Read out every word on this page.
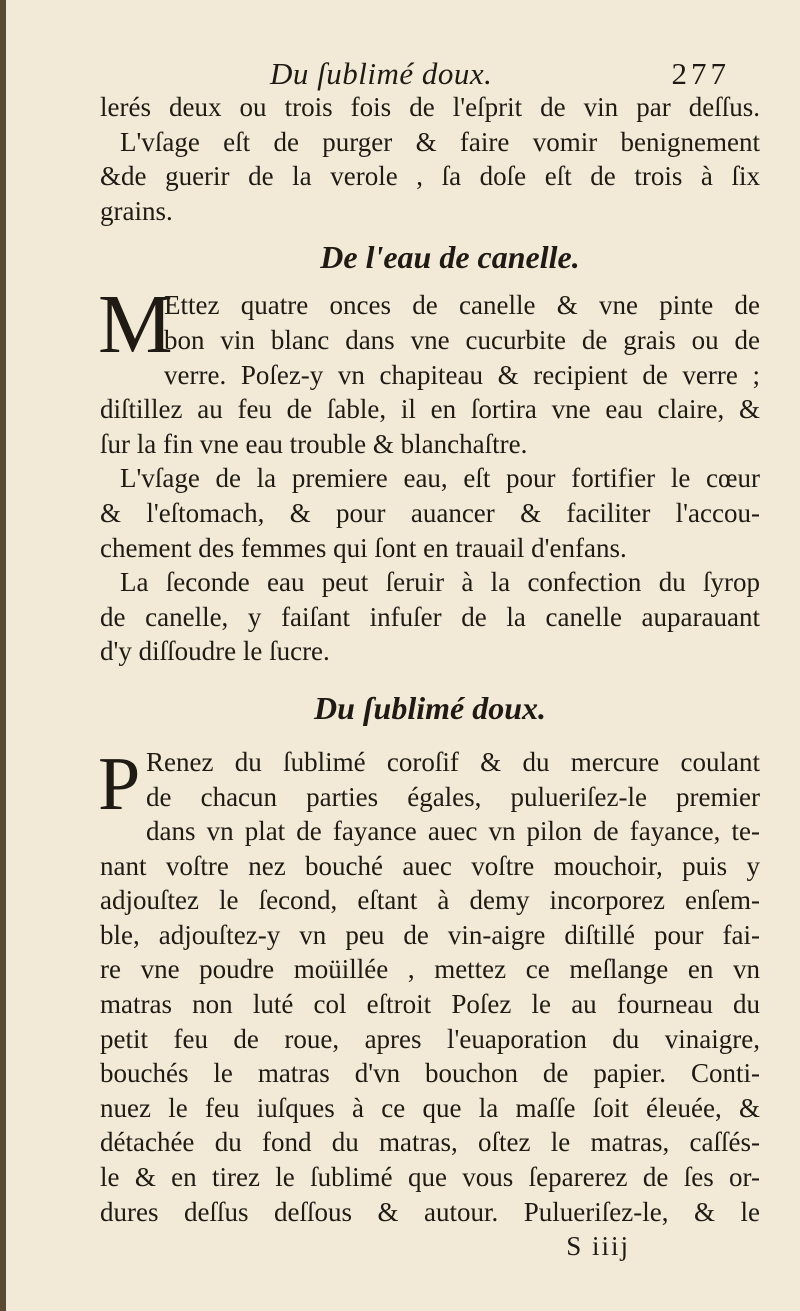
Du ſublimé doux.	277
lerés deux ou trois fois de l'eſprit de vin par deſſus.
L'vſage eſt de purger & faire vomir benignement
&de guerir de la verole , ſa doſe eſt de trois à ſix
grains.
De l'eau de canelle.
M
Ettez quatre onces de canelle & vne pinte de
bon vin blanc dans vne cucurbite de grais ou de
verre. Poſez-y vn chapiteau & recipient de verre ;
diſtillez au feu de ſable, il en ſortira vne eau claire, &
ſur la fin vne eau trouble & blanchaſtre.
L'vſage de la premiere eau, eſt pour fortifier le cœur
& l'eſtomach, & pour auancer & faciliter l'accou-
chement des femmes qui ſont en trauail d'enfans.
La ſeconde eau peut ſeruir à la confection du ſyrop
de canelle, y faiſant infuſer de la canelle auparauant
d'y diſſoudre le ſucre.
Du ſublimé doux.
P Renez du ſublimé coroſif & du mercure coulant
de chacun parties égales, pulueriſez-le premier
dans vn plat de fayance auec vn pilon de fayance, te-
nant voſtre nez bouché auec voſtre mouchoir, puis y
adjouſtez le ſecond, eſtant à demy incorporez enſem-
ble, adjouſtez-y vn peu de vin-aigre diſtillé pour fai-
re vne poudre moüillée , mettez ce meſlange en vn
matras non luté col eſtroit Poſez le au fourneau du
petit feu de roue, apres l'euaporation du vinaigre,
bouchés le matras d'vn bouchon de papier. Conti-
nuez le feu iuſques à ce que la maſſe ſoit éleuée, &
détachée du fond du matras, oſtez le matras, caſſés-
le & en tirez le ſublimé que vous ſeparerez de ſes or-
dures deſſus deſſous & autour. Pulueriſez-le, & le
S iiij
